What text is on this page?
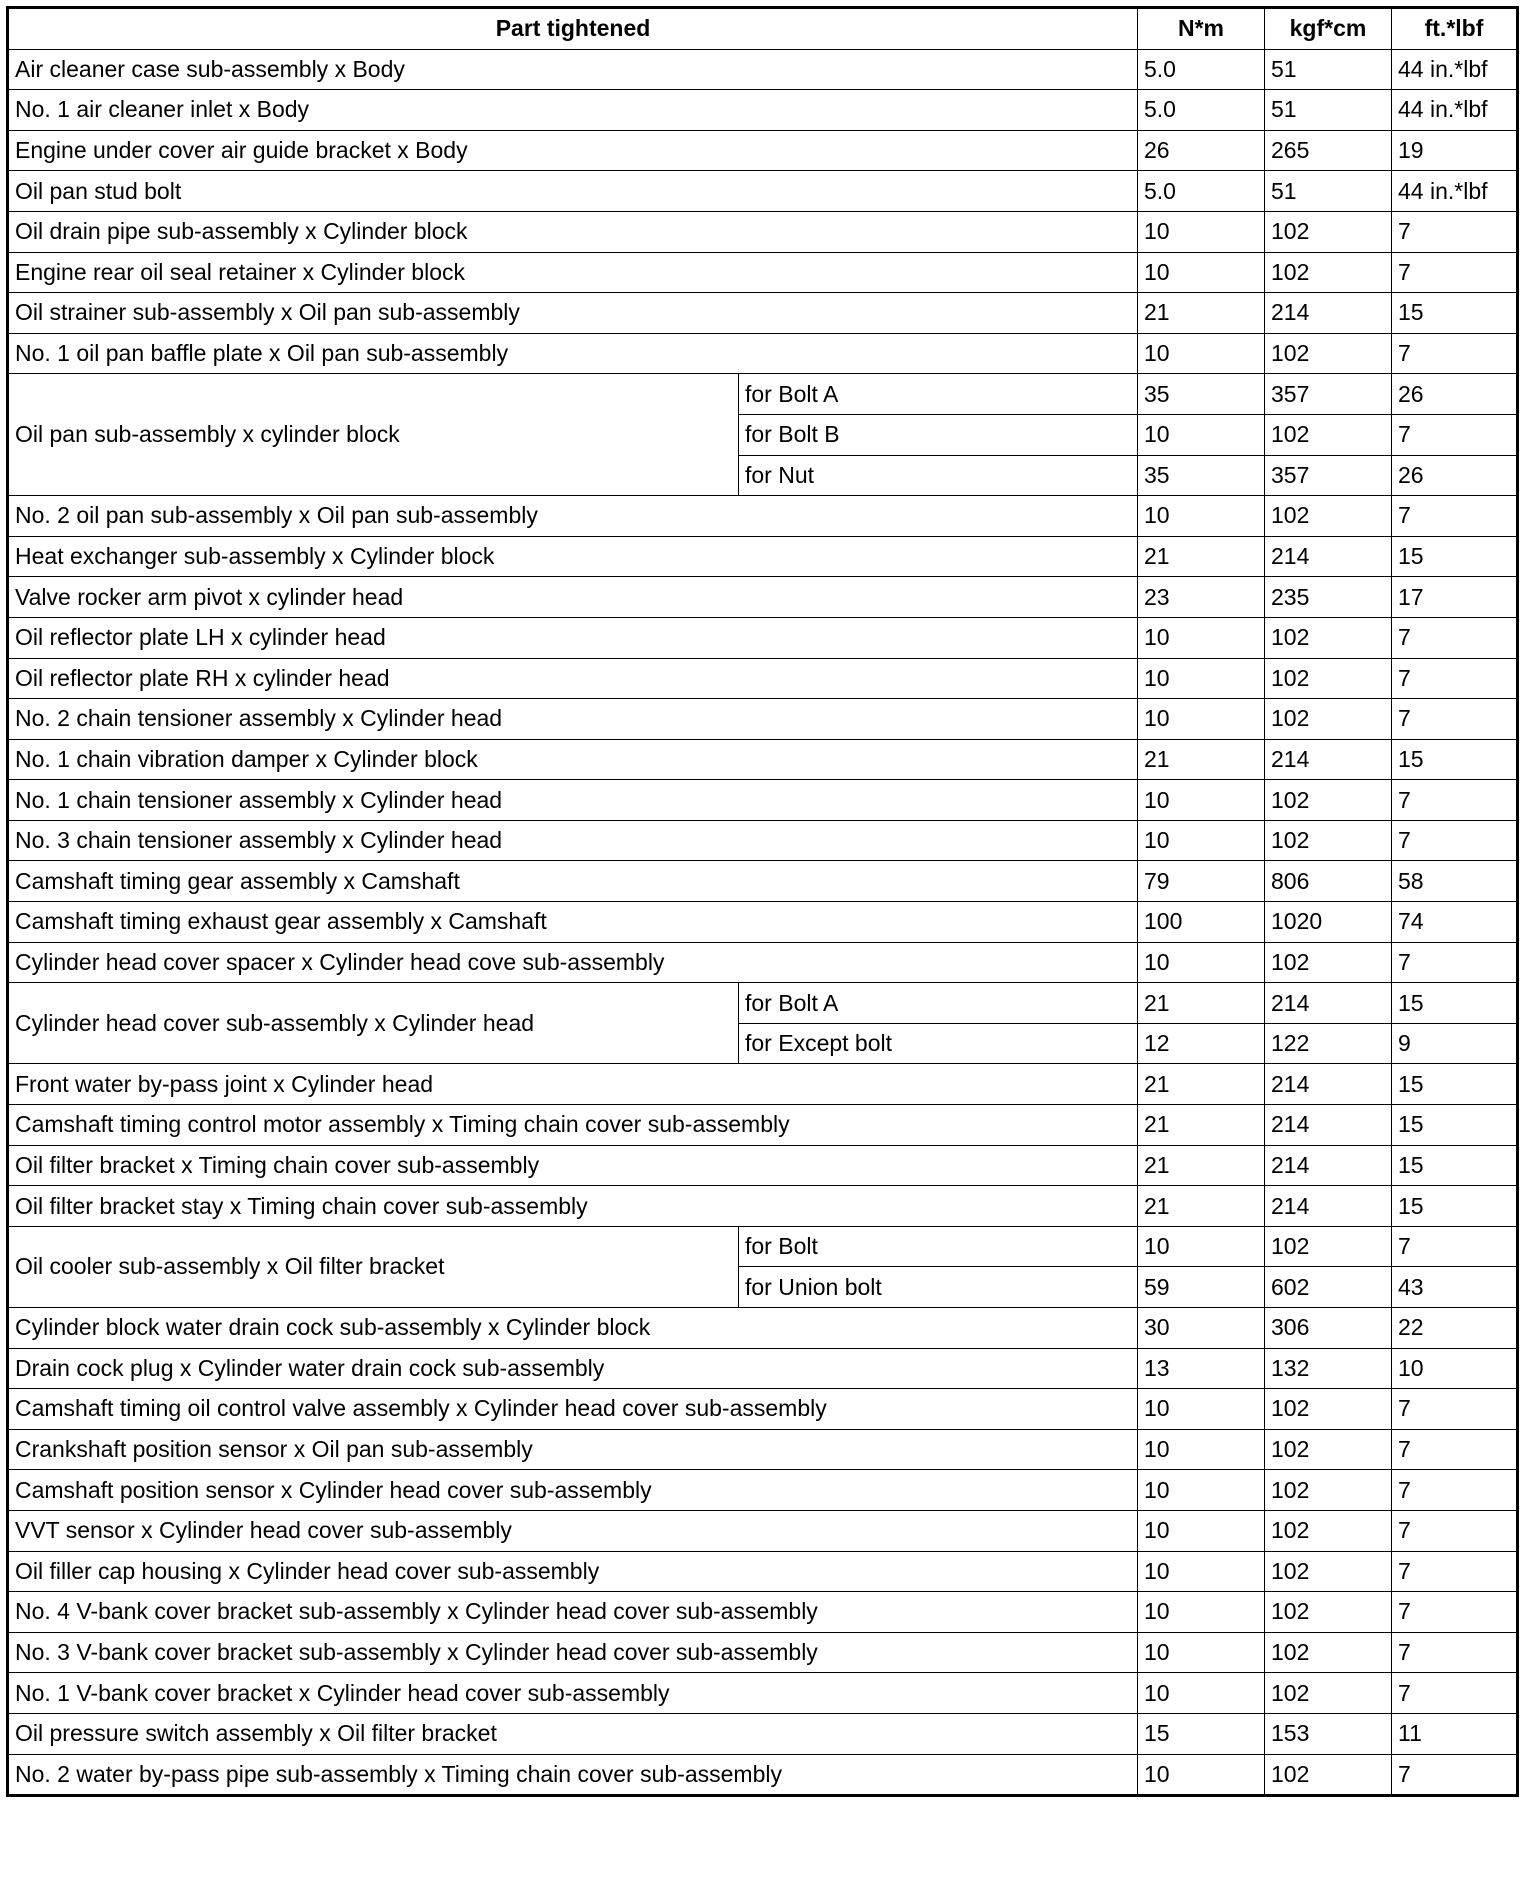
Part tightened		N*m	kgf*cm	ft.*lbf
Air cleaner case sub-assembly x Body		5.0	51	44 in.*lbf
No. 1 air cleaner inlet x Body		5.0	51	44 in.*lbf
Engine under cover air guide bracket x Body		26	265	19
Oil pan stud bolt		5.0	51	44 in.*lbf
Oil drain pipe sub-assembly x Cylinder block		10	102	7
Engine rear oil seal retainer x Cylinder block		10	102	7
Oil strainer sub-assembly x Oil pan sub-assembly		21	214	15
No. 1 oil pan baffle plate x Oil pan sub-assembly		10	102	7
Oil pan sub-assembly x cylinder block	for Bolt A	35	357	26
	for Bolt B	10	102	7
	for Nut	35	357	26
No. 2 oil pan sub-assembly x Oil pan sub-assembly		10	102	7
Heat exchanger sub-assembly x Cylinder block		21	214	15
Valve rocker arm pivot x cylinder head		23	235	17
Oil reflector plate LH x cylinder head		10	102	7
Oil reflector plate RH x cylinder head		10	102	7
No. 2 chain tensioner assembly x Cylinder head		10	102	7
No. 1 chain vibration damper x Cylinder block		21	214	15
No. 1 chain tensioner assembly x Cylinder head		10	102	7
No. 3 chain tensioner assembly x Cylinder head		10	102	7
Camshaft timing gear assembly x Camshaft		79	806	58
Camshaft timing exhaust gear assembly x Camshaft		100	1020	74
Cylinder head cover spacer x Cylinder head cove sub-assembly		10	102	7
Cylinder head cover sub-assembly x Cylinder head	for Bolt A	21	214	15
	for Except bolt	12	122	9
Front water by-pass joint x Cylinder head		21	214	15
Camshaft timing control motor assembly x Timing chain cover sub-assembly		21	214	15
Oil filter bracket x Timing chain cover sub-assembly		21	214	15
Oil filter bracket stay x Timing chain cover sub-assembly		21	214	15
Oil cooler sub-assembly x Oil filter bracket	for Bolt	10	102	7
	for Union bolt	59	602	43
Cylinder block water drain cock sub-assembly x Cylinder block		30	306	22
Drain cock plug x Cylinder water drain cock sub-assembly		13	132	10
Camshaft timing oil control valve assembly x Cylinder head cover sub-assembly		10	102	7
Crankshaft position sensor x Oil pan sub-assembly		10	102	7
Camshaft position sensor x Cylinder head cover sub-assembly		10	102	7
VVT sensor x Cylinder head cover sub-assembly		10	102	7
Oil filler cap housing x Cylinder head cover sub-assembly		10	102	7
No. 4 V-bank cover bracket sub-assembly x Cylinder head cover sub-assembly		10	102	7
No. 3 V-bank cover bracket sub-assembly x Cylinder head cover sub-assembly		10	102	7
No. 1 V-bank cover bracket x Cylinder head cover sub-assembly		10	102	7
Oil pressure switch assembly x Oil filter bracket		15	153	11
No. 2 water by-pass pipe sub-assembly x Timing chain cover sub-assembly		10	102	7
